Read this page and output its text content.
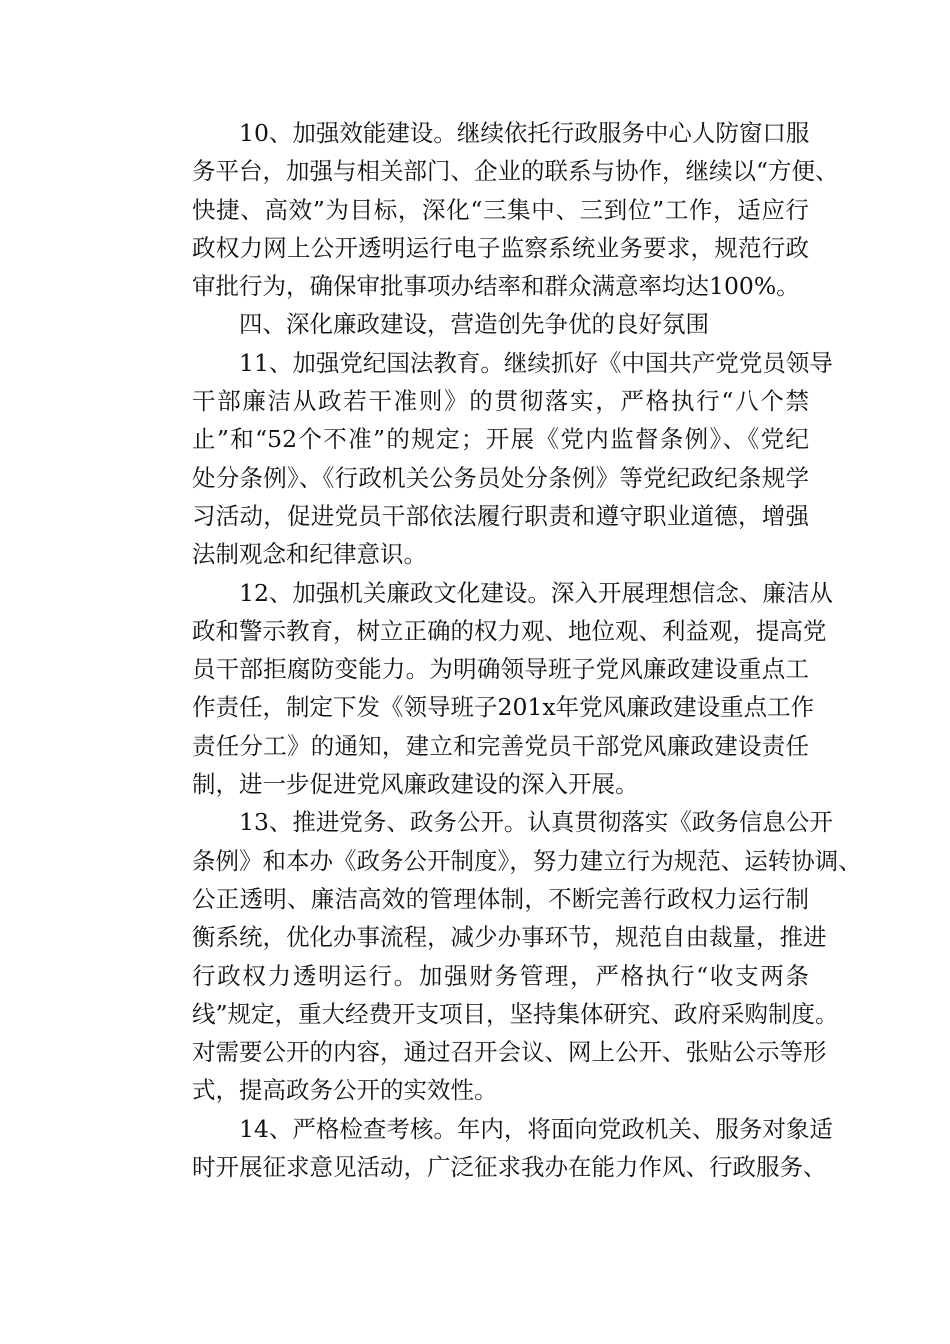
10、加强效能建设。继续依托行政服务中心人防窗口服
务平台，加强与相关部门、企业的联系与协作，继续以“方便、
快捷、高效”为目标，深化“三集中、三到位”工作，适应行
政权力网上公开透明运行电子监察系统业务要求，规范行政
审批行为，确保审批事项办结率和群众满意率均达100%。
四、深化廉政建设，营造创先争优的良好氛围
11、加强党纪国法教育。继续抓好《中国共产党党员领导
干部廉洁从政若干准则》的贯彻落实，严格执行“八个禁
止”和“52个不准”的规定；开展《党内监督条例》、《党纪
处分条例》、《行政机关公务员处分条例》等党纪政纪条规学
习活动，促进党员干部依法履行职责和遵守职业道德，增强
法制观念和纪律意识。
12、加强机关廉政文化建设。深入开展理想信念、廉洁从
政和警示教育，树立正确的权力观、地位观、利益观，提高党
员干部拒腐防变能力。为明确领导班子党风廉政建设重点工
作责任，制定下发《领导班子201x年党风廉政建设重点工作
责任分工》的通知，建立和完善党员干部党风廉政建设责任
制，进一步促进党风廉政建设的深入开展。
13、推进党务、政务公开。认真贯彻落实《政务信息公开
条例》和本办《政务公开制度》，努力建立行为规范、运转协调、
公正透明、廉洁高效的管理体制，不断完善行政权力运行制
衡系统，优化办事流程，减少办事环节，规范自由裁量，推进
行政权力透明运行。加强财务管理，严格执行“收支两条
线”规定，重大经费开支项目，坚持集体研究、政府采购制度。
对需要公开的内容，通过召开会议、网上公开、张贴公示等形
式，提高政务公开的实效性。
14、严格检查考核。年内，将面向党政机关、服务对象适
时开展征求意见活动，广泛征求我办在能力作风、行政服务、
